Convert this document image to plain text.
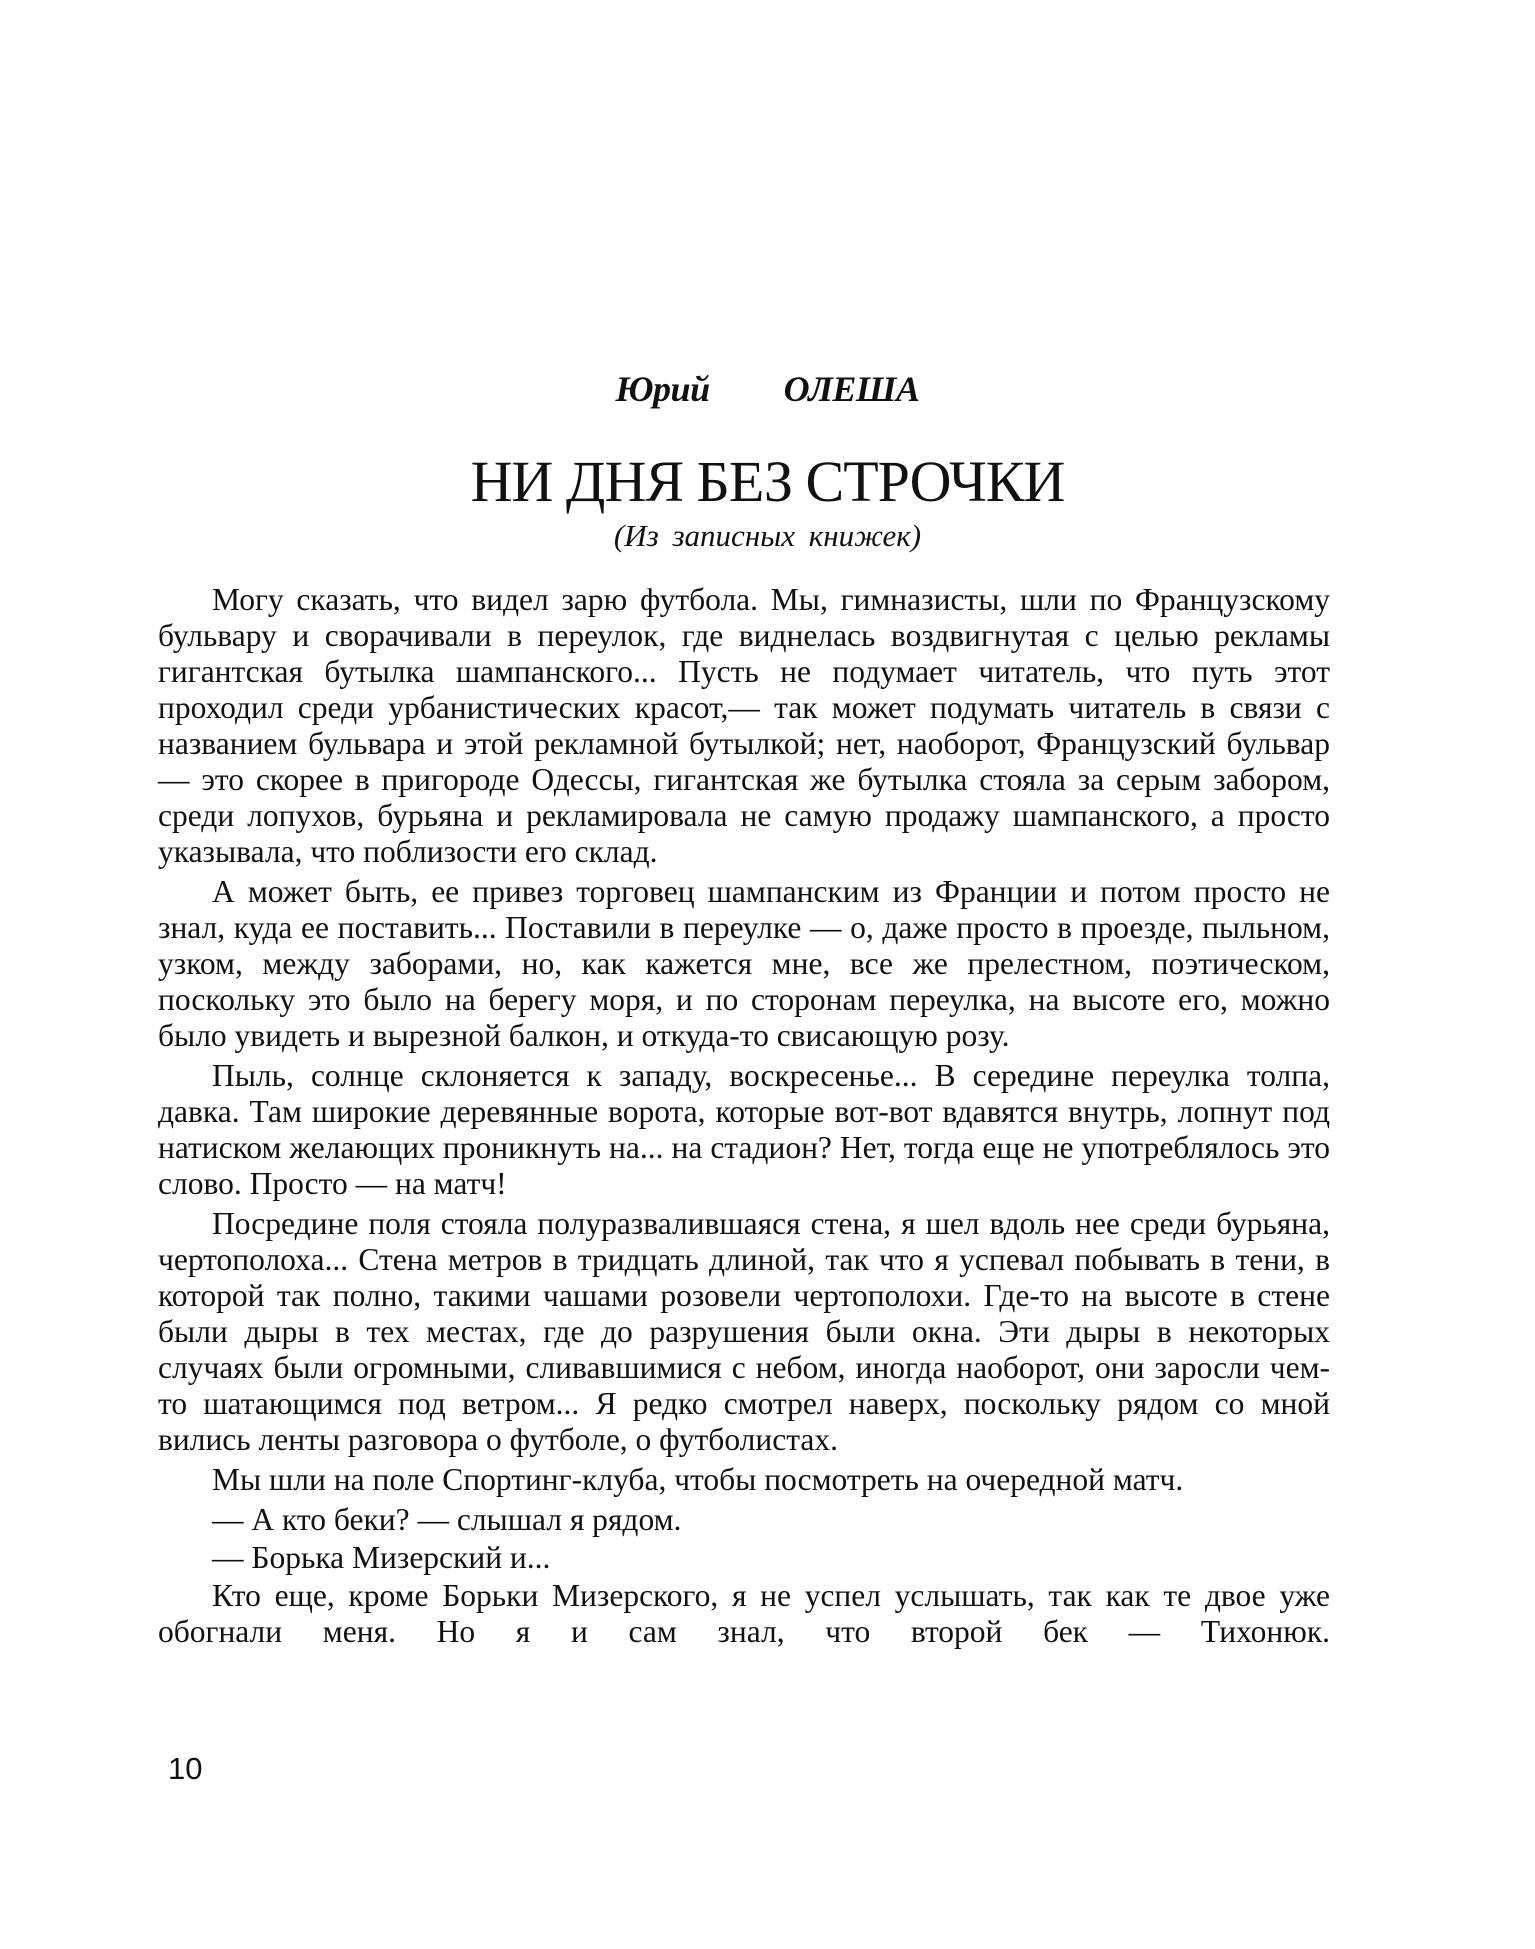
Юрий ОЛЕША
НИ ДНЯ БЕЗ СТРОЧКИ
(Из записных книжек)

Могу сказать, что видел зарю футбола. Мы, гимназисты, шли по Французскому бульвару и сворачивали в переулок, где виднелась воздвигнутая с целью рекламы гигантская бутылка шампанского... Пусть не подумает читатель, что путь этот проходил среди урбанистических красот,— так может подумать читатель в связи с названием бульвара и этой рекламной бутылкой; нет, наоборот, Французский бульвар — это скорее в пригороде Одессы, гигантская же бутылка стояла за серым забором, среди лопухов, бурьяна и рекламировала не самую продажу шампанского, а просто указывала, что поблизости его склад.

А может быть, ее привез торговец шампанским из Франции и потом просто не знал, куда ее поставить... Поставили в переулке — о, даже просто в проезде, пыльном, узком, между заборами, но, как кажется мне, все же прелестном, поэтическом, поскольку это было на берегу моря, и по сторонам переулка, на высоте его, можно было увидеть и вырезной балкон, и откуда-то свисающую розу.

Пыль, солнце склоняется к западу, воскресенье... В середине переулка толпа, давка. Там широкие деревянные ворота, которые вот-вот вдавятся внутрь, лопнут под натиском желающих проникнуть на... на стадион? Нет, тогда еще не употреблялось это слово. Просто — на матч!

Посредине поля стояла полуразвалившаяся стена, я шел вдоль нее среди бурьяна, чертополоха... Стена метров в тридцать длиной, так что я успевал побывать в тени, в которой так полно, такими чашами розовели чертополохи. Где-то на высоте в стене были дыры в тех местах, где до разрушения были окна. Эти дыры в некоторых случаях были огромными, сливавшимися с небом, иногда наоборот, они заросли чем-то шатающимся под ветром... Я редко смотрел наверх, поскольку рядом со мной вились ленты разговора о футболе, о футболистах.

Мы шли на поле Спортинг-клуба, чтобы посмотреть на очередной матч.

— А кто беки? — слышал я рядом.

— Борька Мизерский и...

Кто еще, кроме Борьки Мизерского, я не успел услышать, так как те двое уже обогнали меня. Но я и сам знал, что второй бек — Тихонюк.

10
